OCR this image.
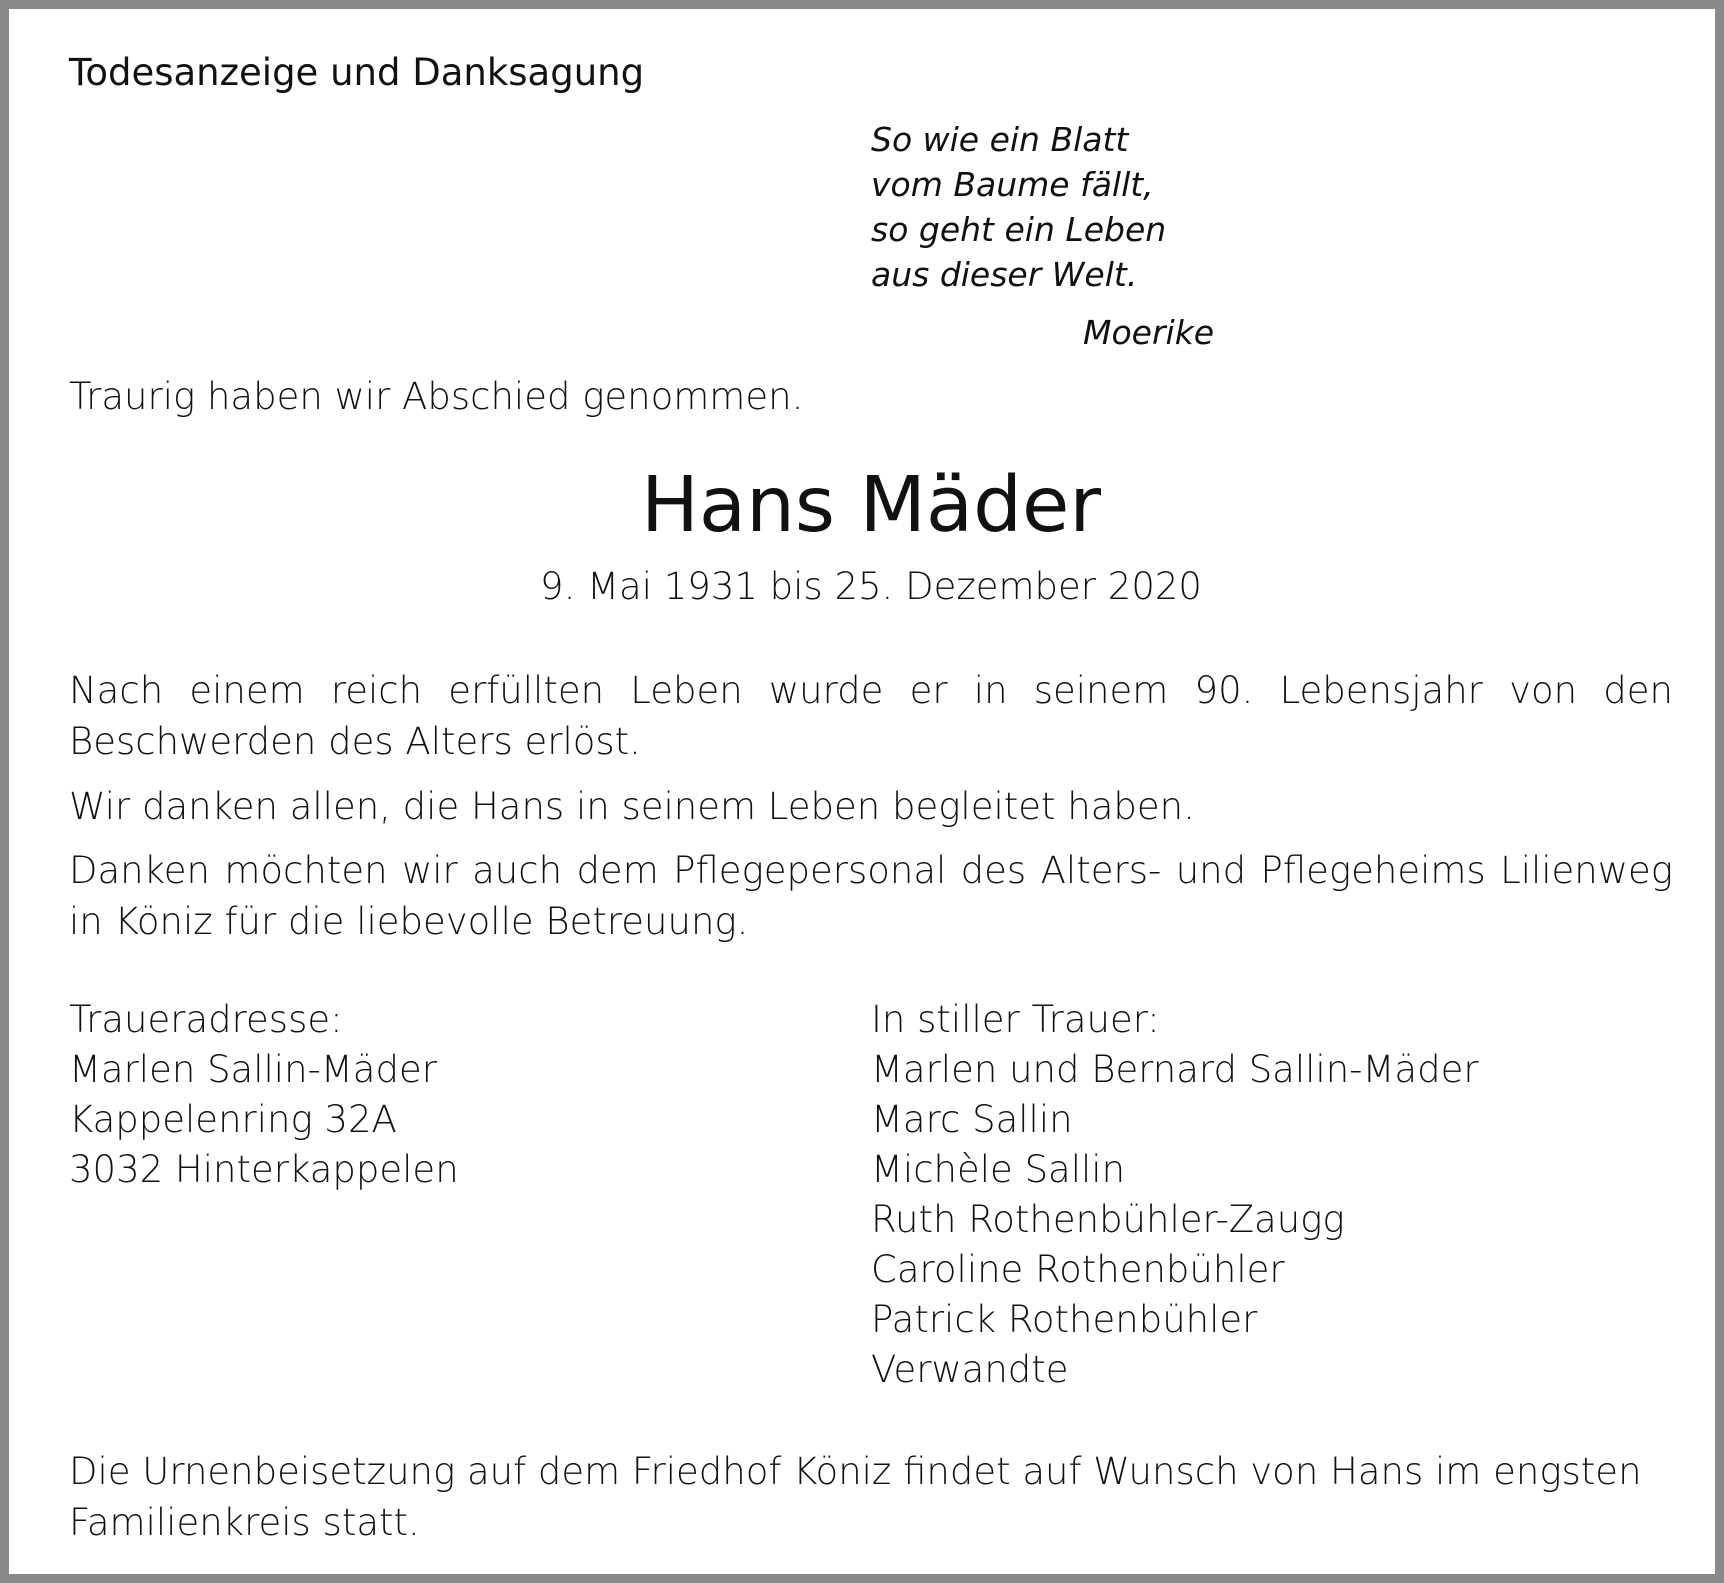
Todesanzeige und Danksagung
So wie ein Blatt
vom Baume fällt,
so geht ein Leben
aus dieser Welt.
Moerike
Traurig haben wir Abschied genommen.
Hans Mäder
9. Mai 1931 bis 25. Dezember 2020
Nach einem reich erfüllten Leben wurde er in seinem 90. Lebensjahr von den Beschwerden des Alters erlöst.
Wir danken allen, die Hans in seinem Leben begleitet haben.
Danken möchten wir auch dem Pflegepersonal des Alters- und Pflegeheims Lilienweg in Köniz für die liebevolle Betreuung.
Traueradresse:
Marlen Sallin-Mäder
Kappelenring 32A
3032 Hinterkappelen
In stiller Trauer:
Marlen und Bernard Sallin-Mäder
Marc Sallin
Michèle Sallin
Ruth Rothenbühler-Zaugg
Caroline Rothenbühler
Patrick Rothenbühler
Verwandte
Die Urnenbeisetzung auf dem Friedhof Köniz findet auf Wunsch von Hans im engsten Familienkreis statt.
